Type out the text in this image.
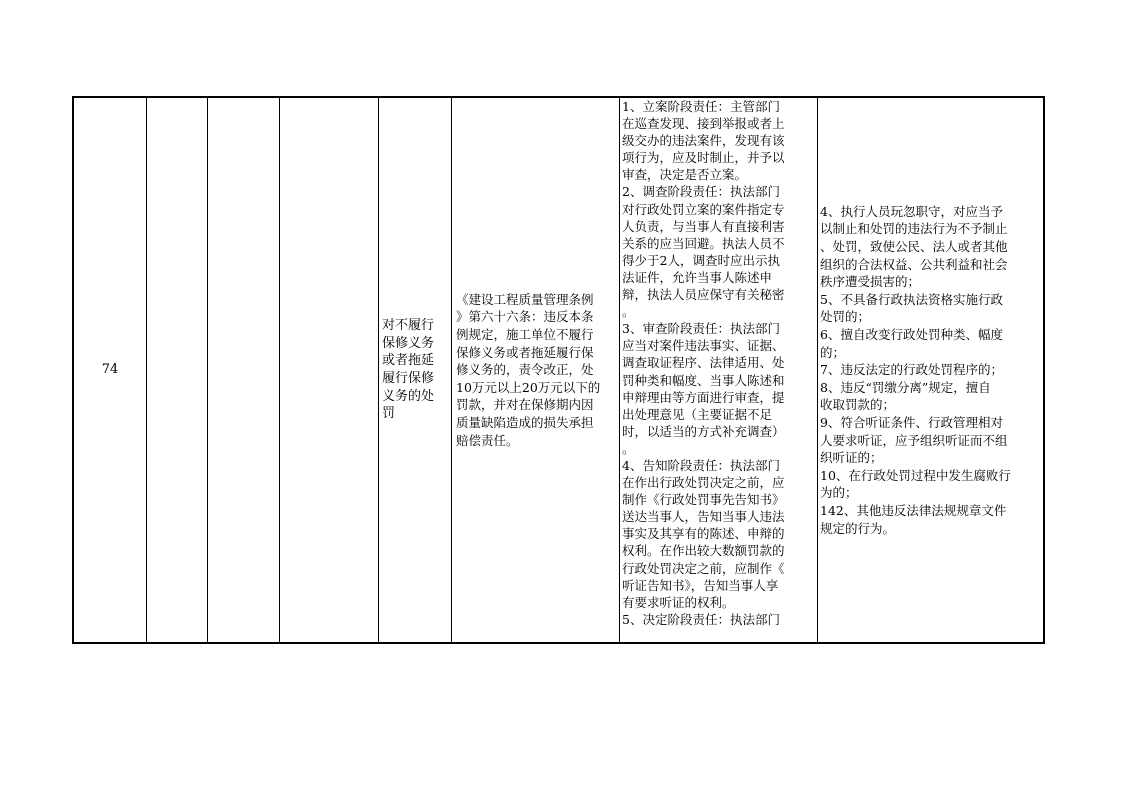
74
对不履行
保修义务
或者拖延
履行保修
义务的处
罚
《建设工程质量管理条例
》第六十六条：违反本条
例规定，施工单位不履行
保修义务或者拖延履行保
修义务的，责令改正，处
10万元以上20万元以下的
罚款，并对在保修期内因
质量缺陷造成的损失承担
赔偿责任。
1、立案阶段责任：主管部门
在巡查发现、接到举报或者上
级交办的违法案件，发现有该
项行为，应及时制止，并予以
审查，决定是否立案。
2、调查阶段责任：执法部门
对行政处罚立案的案件指定专
人负责，与当事人有直接利害
关系的应当回避。执法人员不
得少于2人，调查时应出示执
法证件，允许当事人陈述申
辩，执法人员应保守有关秘密
。
3、审查阶段责任：执法部门
应当对案件违法事实、证据、
调查取证程序、法律适用、处
罚种类和幅度、当事人陈述和
申辩理由等方面进行审查，提
出处理意见（主要证据不足
时，以适当的方式补充调查）
。
4、告知阶段责任：执法部门
在作出行政处罚决定之前，应
制作《行政处罚事先告知书》
送达当事人，告知当事人违法
事实及其享有的陈述、申辩的
权利。在作出较大数额罚款的
行政处罚决定之前，应制作《
听证告知书》，告知当事人享
有要求听证的权利。
5、决定阶段责任：执法部门
4、执行人员玩忽职守，对应当予
以制止和处罚的违法行为不予制止
、处罚，致使公民、法人或者其他
组织的合法权益、公共利益和社会
秩序遭受损害的；
5、不具备行政执法资格实施行政
处罚的；
6、擅自改变行政处罚种类、幅度
的；
7、违反法定的行政处罚程序的；
8、违反“罚缴分离”规定，擅自
收取罚款的；
9、符合听证条件、行政管理相对
人要求听证，应予组织听证而不组
织听证的；
10、在行政处罚过程中发生腐败行
为的；
142、其他违反法律法规规章文件
规定的行为。
